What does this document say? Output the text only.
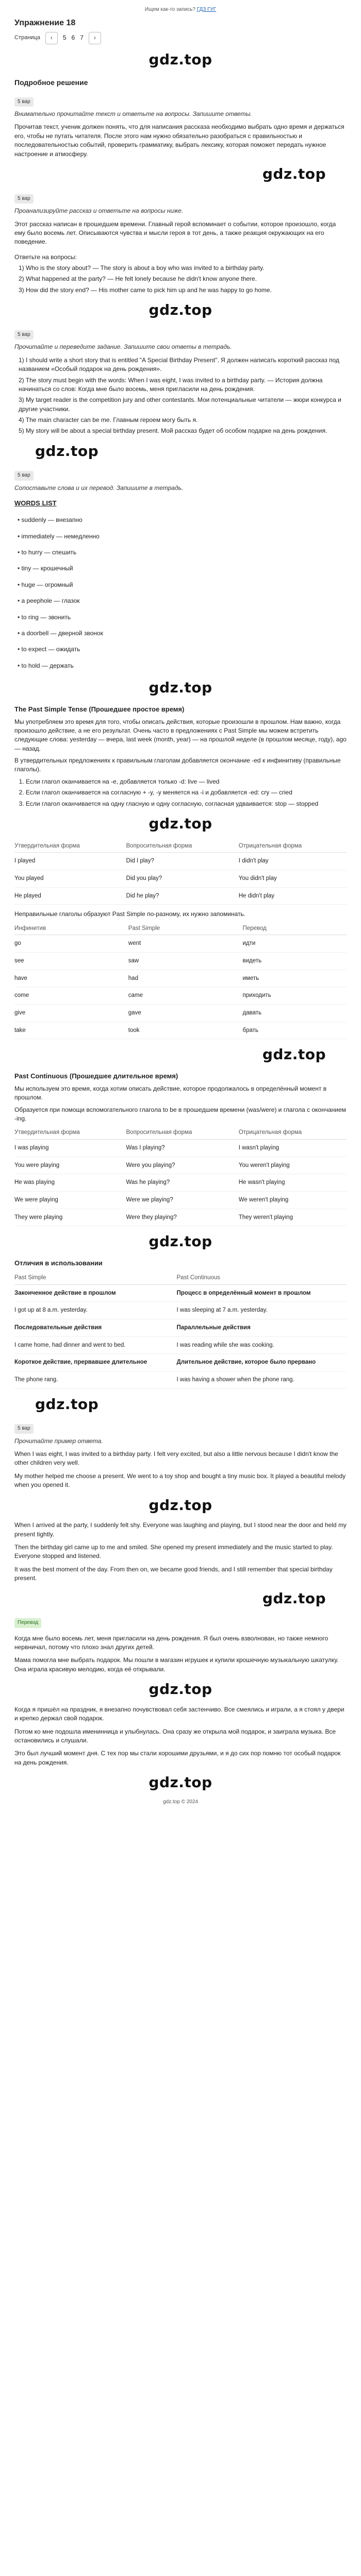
Ищем как-то запись? ГДЗ ГУГ
Упражнение 18
Страница	‹	5 6 7	›
gdz.top
Подробное решение
5 вар
Внимательно прочитайте текст и ответьте на вопросы. Запишите ответы.

Прочитав текст, ученик должен понять, что для написания рассказа необходимо выбрать одно время и держаться его, чтобы не путать читателя. После этого нам нужно обязательно разобраться с правильностью и последовательностью событий, проверить грамматику, выбрать лексику, которая поможет передать нужное настроение и атмосферу.

gdz.top
5 вар
Проанализируйте рассказ и ответьте на вопросы ниже.

Этот рассказ написан в прошедшем времени. Главный герой вспоминает о событии, которое произошло, когда ему было восемь лет. Описываются чувства и мысли героя в тот день, а также реакция окружающих на его поведение.

Ответьте на вопросы:
1) Who is the story about? — The story is about a boy who was invited to a birthday party.
2) What happened at the party? — He felt lonely because he didn't know anyone there.
3) How did the story end? — His mother came to pick him up and he was happy to go home.
gdz.top
5 вар
Прочитайте и переведите задание. Запишите свои ответы в тетрадь.
1) I should write a short story that is entitled "A Special Birthday Present". Я должен написать короткий рассказ под названием «Особый подарок на день рождения».
2) The story must begin with the words: When I was eight, I was invited to a birthday party. — История должна начинаться со слов: Когда мне было восемь, меня пригласили на день рождения.
3) My target reader is the competition jury and other contestants. Мои потенциальные читатели — жюри конкурса и другие участники.
4) The main character can be me. Главным героем могу быть я.
5) My story will be about a special birthday present. Мой рассказ будет об особом подарке на день рождения.
gdz.top
5 вар
Сопоставьте слова и их перевод. Запишите в тетрадь.
WORDS LIST
• suddenly — внезапно
• immediately — немедленно
• to hurry — спешить
• tiny — крошечный
• huge — огромный
• a peephole — глазок
• to ring — звонить
• a doorbell — дверной звонок
• to expect — ожидать
• to hold — держать
gdz.top
The Past Simple Tense (Прошедшее простое время)

Мы употребляем это время для того, чтобы описать действия, которые произошли в прошлом. Нам важно, когда произошло действие, а не его результат. Очень часто в предложениях с Past Simple мы можем встретить следующие слова: yesterday — вчера, last week (month, year) — на прошлой неделе (в прошлом месяце, году), ago — назад.

В утвердительных предложениях к правильным глаголам добавляется окончание -ed к инфинитиву (правильные глаголы).

1. Если глагол оканчивается на -e, добавляется только -d: live — lived
2. Если глагол оканчивается на согласную + -y, -y меняется на -i и добавляется -ed: cry — cried
3. Если глагол оканчивается на одну гласную и одну согласную, согласная удваивается: stop — stopped
gdz.top
Утвердительная форма	Вопросительная форма	Отрицательная форма
I played	Did I play?	I didn't play
You played	Did you play?	You didn't play
He played	Did he play?	He didn't play

Неправильные глаголы образуют Past Simple по-разному, их нужно запоминать.

Инфинитив	Past Simple	Перевод
go	went	идти
see	saw	видеть
have	had	иметь
come	came	приходить
give	gave	давать
take	took	брать
gdz.top
Past Continuous (Прошедшее длительное время)

Мы используем это время, когда хотим описать действие, которое продолжалось в определённый момент в прошлом.

Образуется при помощи вспомогательного глагола to be в прошедшем времени (was/were) и глагола с окончанием -ing.

Утвердительная форма	Вопросительная форма	Отрицательная форма
I was playing	Was I playing?	I wasn't playing
You were playing	Were you playing?	You weren't playing
He was playing	Was he playing?	He wasn't playing
We were playing	Were we playing?	We weren't playing
They were playing	Were they playing?	They weren't playing
gdz.top
Отличия в использовании
Past Simple	Past Continuous
Законченное действие в прошлом	Процесс в определённый момент в прошлом
I got up at 8 a.m. yesterday.	I was sleeping at 7 a.m. yesterday.
Последовательные действия	Параллельные действия
I came home, had dinner and went to bed.	I was reading while she was cooking.
Короткое действие, прервавшее длительное	Длительное действие, которое было прервано
The phone rang.	I was having a shower when the phone rang.
gdz.top
5 вар
Прочитайте пример ответа.

When I was eight, I was invited to a birthday party. I felt very excited, but also a little nervous because I didn't know the other children very well.

My mother helped me choose a present. We went to a toy shop and bought a tiny music box. It played a beautiful melody when you opened it.

gdz.top

When I arrived at the party, I suddenly felt shy. Everyone was laughing and playing, but I stood near the door and held my present tightly.

Then the birthday girl came up to me and smiled. She opened my present immediately and the music started to play. Everyone stopped and listened.

It was the best moment of the day. From then on, we became good friends, and I still remember that special birthday present.

gdz.top
Перевод

Когда мне было восемь лет, меня пригласили на день рождения. Я был очень взволнован, но также немного нервничал, потому что плохо знал других детей.

Мама помогла мне выбрать подарок. Мы пошли в магазин игрушек и купили крошечную музыкальную шкатулку. Она играла красивую мелодию, когда её открывали.

gdz.top

Когда я пришёл на праздник, я внезапно почувствовал себя застенчиво. Все смеялись и играли, а я стоял у двери и крепко держал свой подарок.

Потом ко мне подошла именинница и улыбнулась. Она сразу же открыла мой подарок, и заиграла музыка. Все остановились и слушали.

Это был лучший момент дня. С тех пор мы стали хорошими друзьями, и я до сих пор помню тот особый подарок на день рождения.

gdz.top
gdz.top © 2024
